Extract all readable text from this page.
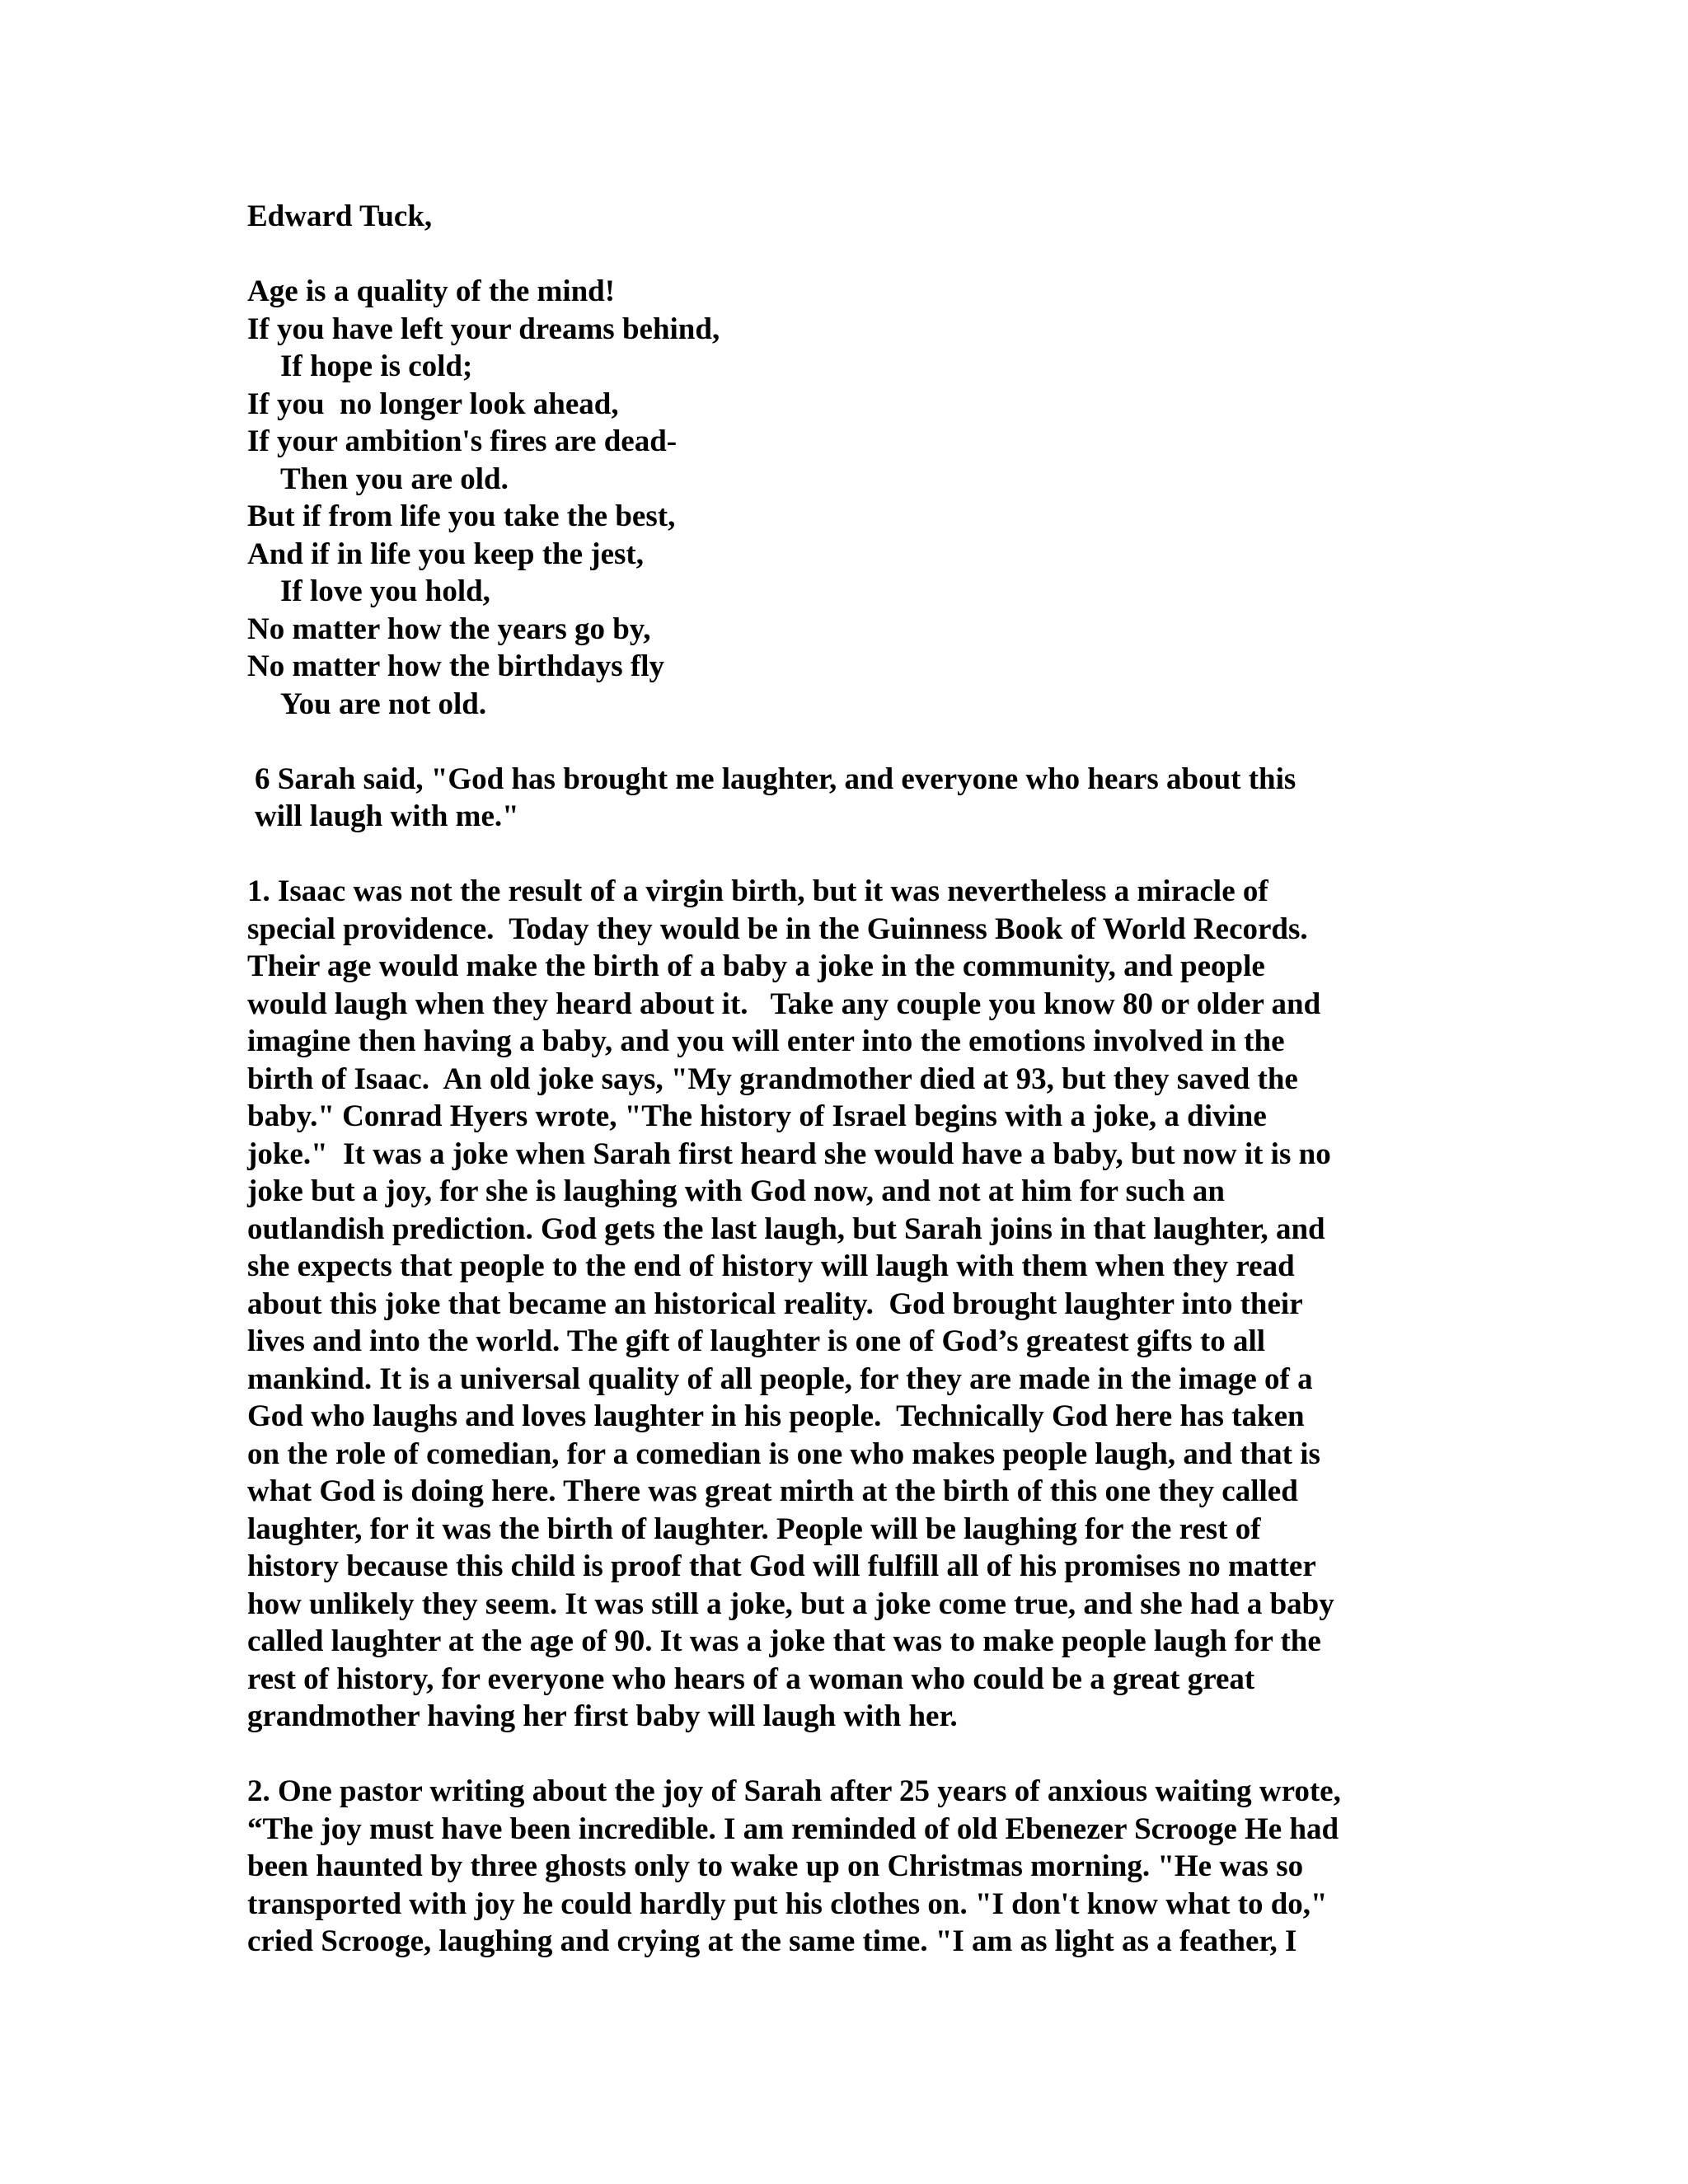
Edward Tuck,
Age is a quality of the mind!
If you have left your dreams behind,
If hope is cold;
If you  no longer look ahead,
If your ambition's fires are dead-
Then you are old.
But if from life you take the best,
And if in life you keep the jest,
If love you hold,
No matter how the years go by,
No matter how the birthdays fly
You are not old.
6 Sarah said, "God has brought me laughter, and everyone who hears about this
will laugh with me."
1. Isaac was not the result of a virgin birth, but it was nevertheless a miracle of
special providence.  Today they would be in the Guinness Book of World Records.
Their age would make the birth of a baby a joke in the community, and people
would laugh when they heard about it.   Take any couple you know 80 or older and
imagine then having a baby, and you will enter into the emotions involved in the
birth of Isaac.  An old joke says, "My grandmother died at 93, but they saved the
baby." Conrad Hyers wrote, "The history of Israel begins with a joke, a divine
joke."  It was a joke when Sarah first heard she would have a baby, but now it is no
joke but a joy, for she is laughing with God now, and not at him for such an
outlandish prediction. God gets the last laugh, but Sarah joins in that laughter, and
she expects that people to the end of history will laugh with them when they read
about this joke that became an historical reality.  God brought laughter into their
lives and into the world. The gift of laughter is one of God’s greatest gifts to all
mankind. It is a universal quality of all people, for they are made in the image of a
God who laughs and loves laughter in his people.  Technically God here has taken
on the role of comedian, for a comedian is one who makes people laugh, and that is
what God is doing here. There was great mirth at the birth of this one they called
laughter, for it was the birth of laughter. People will be laughing for the rest of
history because this child is proof that God will fulfill all of his promises no matter
how unlikely they seem. It was still a joke, but a joke come true, and she had a baby
called laughter at the age of 90. It was a joke that was to make people laugh for the
rest of history, for everyone who hears of a woman who could be a great great
grandmother having her first baby will laugh with her.
2. One pastor writing about the joy of Sarah after 25 years of anxious waiting wrote,
“The joy must have been incredible. I am reminded of old Ebenezer Scrooge He had
been haunted by three ghosts only to wake up on Christmas morning. "He was so
transported with joy he could hardly put his clothes on. "I don't know what to do,"
cried Scrooge, laughing and crying at the same time. "I am as light as a feather, I
